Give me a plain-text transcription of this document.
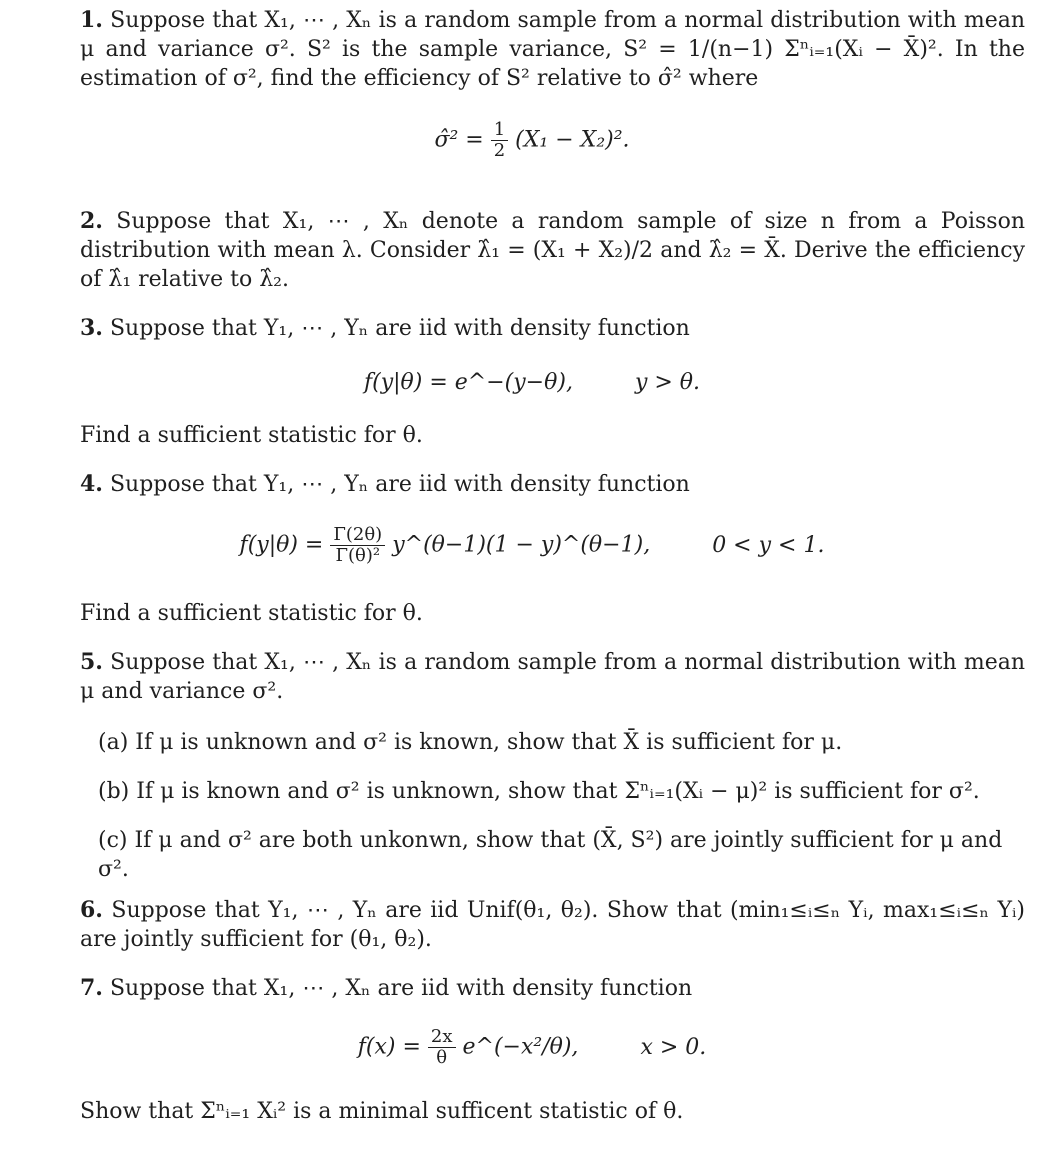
1. Suppose that X₁, ⋯ , Xₙ is a random sample from a normal distribution with mean μ and variance σ². S² is the sample variance, S² = 1/(n−1) Σⁿᵢ₌₁(Xᵢ − X̄)². In the estimation of σ², find the efficiency of S² relative to σ̂² where
σ̂² = $\frac{1}{2} (X_1 - X_2)^2$.
2. Suppose that X₁, ⋯ , Xₙ denote a random sample of size n from a Poisson distribution with mean λ. Consider λ̂₁ = (X₁ + X₂)/2 and λ̂₂ = X̄. Derive the efficiency of λ̂₁ relative to λ̂₂.
3. Suppose that Y₁, ⋯ , Yₙ are iid with density function
f(y|θ) = e^−(y−θ),	y > θ.
Find a sufficient statistic for θ.
4. Suppose that Y₁, ⋯ , Yₙ are iid with density function
$f(y|\theta) = \frac{\Gamma(2\theta)}{\text{Γ(θ)²}}$ y^(θ−1)(1 − y)^(θ−1),	0 < y < 1.
Find a sufficient statistic for θ.
5. Suppose that X₁, ⋯ , Xₙ is a random sample from a normal distribution with mean μ and variance σ².
(a) If μ is unknown and σ² is known, show that X̄ is sufficient for μ.
(b) If μ is known and σ² is unknown, show that Σⁿᵢ₌₁(Xᵢ − μ)² is sufficient for σ².
(c) If μ and σ² are both unkonwn, show that (X̄, S²) are jointly sufficient for μ and σ².
6. Suppose that Y₁, ⋯ , Yₙ are iid Unif(θ₁, θ₂). Show that (min₁≤ᵢ≤ₙ Yᵢ, max₁≤ᵢ≤ₙ Yᵢ) are jointly sufficient for (θ₁, θ₂).
7. Suppose that X₁, ⋯ , Xₙ are iid with density function
$f(x) = \frac{2x}{\theta}$ e^(−x²/θ),	x > 0.
Show that Σⁿᵢ₌₁ Xᵢ² is a minimal sufficent statistic of θ.
